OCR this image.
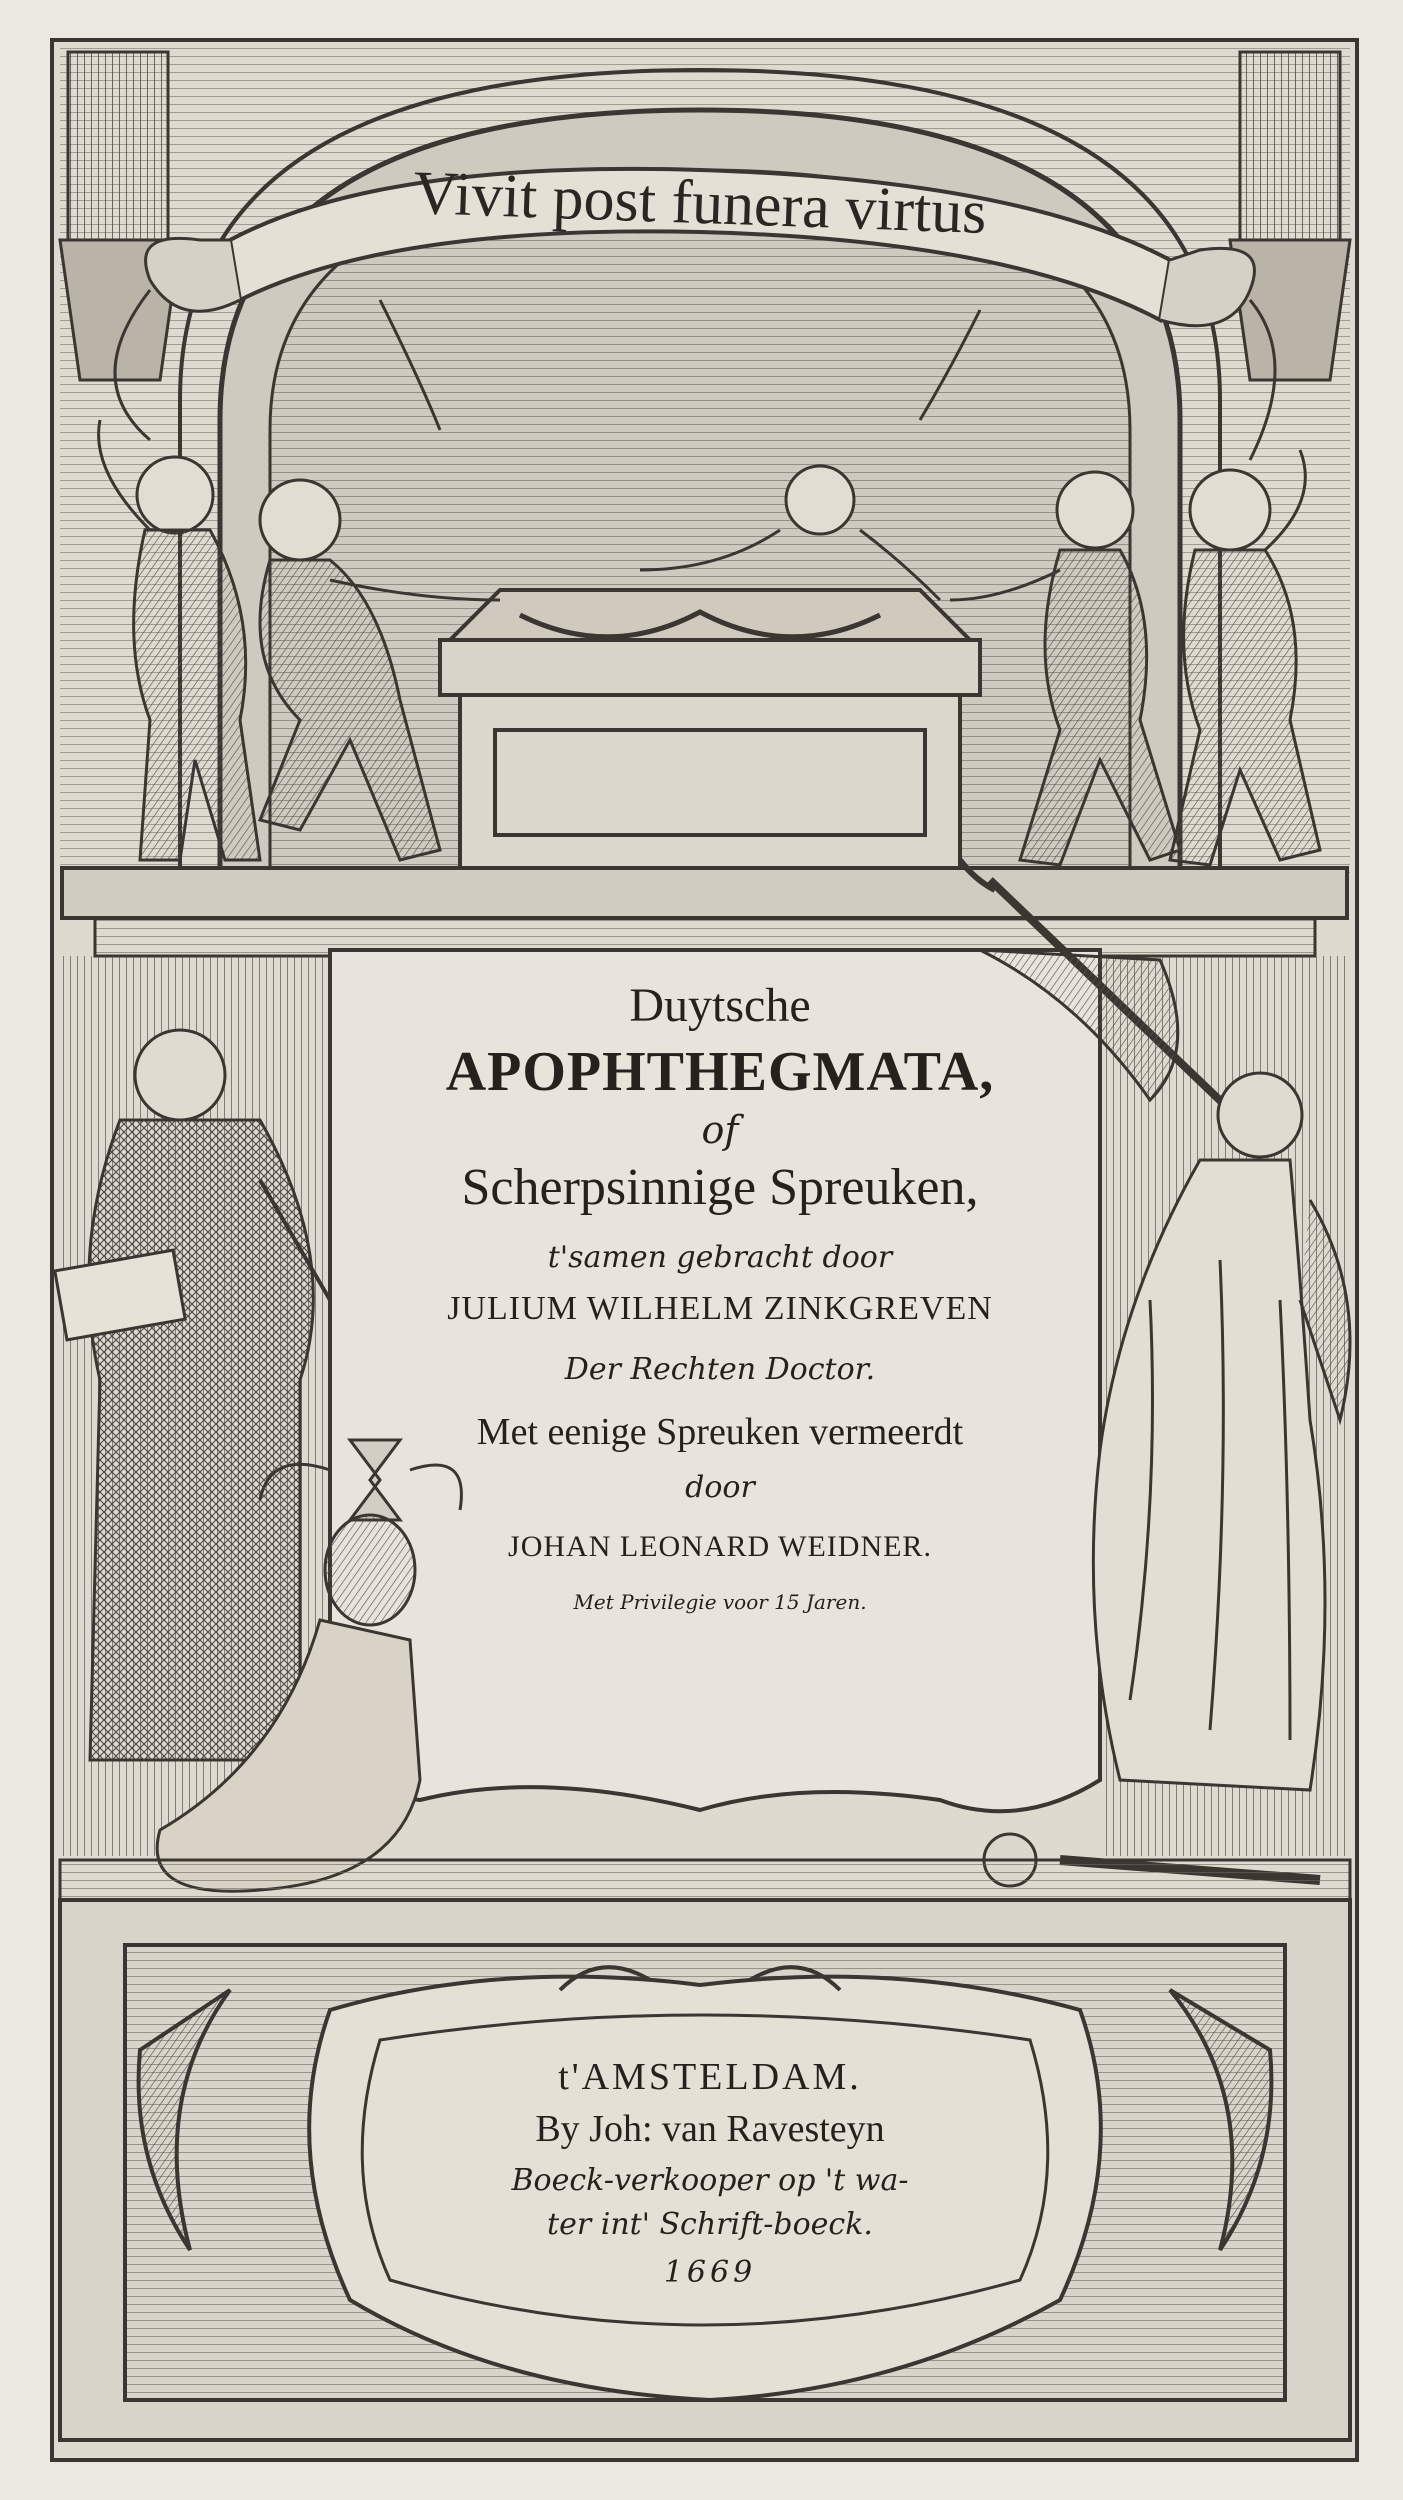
Vivit post funera virtus
Duytsche
APOPHTHEGMATA,
of
Scherpsinnige Spreuken,
t'samen gebracht door
JULIUM WILHELM ZINKGREVEN
Der Rechten Doctor.
Met eenige Spreuken vermeerdt
door
JOHAN LEONARD WEIDNER.
Met Privilegie voor 15 Jaren.
t'AMSTELDAM.
By Joh: van Ravesteyn
Boeck-verkooper op 't wa-
ter int' Schrift-boeck.
1669
